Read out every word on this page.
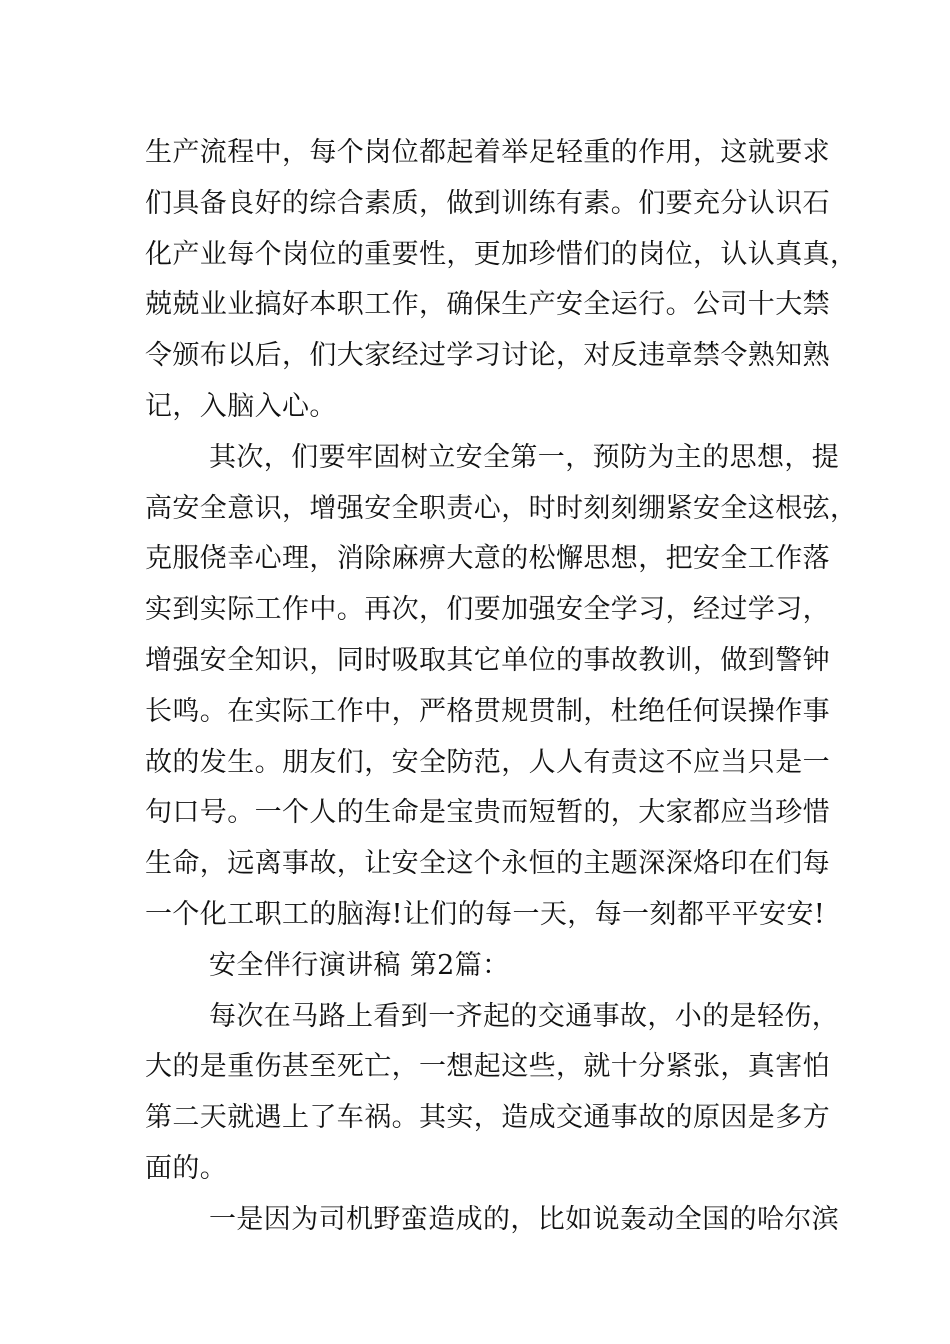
生产流程中，每个岗位都起着举足轻重的作用，这就要求
们具备良好的综合素质，做到训练有素。们要充分认识石
化产业每个岗位的重要性，更加珍惜们的岗位，认认真真，
兢兢业业搞好本职工作，确保生产安全运行。公司十大禁
令颁布以后，们大家经过学习讨论，对反违章禁令熟知熟
记，入脑入心。
其次，们要牢固树立安全第一，预防为主的思想，提
高安全意识，增强安全职责心，时时刻刻绷紧安全这根弦，
克服侥幸心理，消除麻痹大意的松懈思想，把安全工作落
实到实际工作中。再次，们要加强安全学习，经过学习，
增强安全知识，同时吸取其它单位的事故教训，做到警钟
长鸣。在实际工作中，严格贯规贯制，杜绝任何误操作事
故的发生。朋友们，安全防范，人人有责这不应当只是一
句口号。一个人的生命是宝贵而短暂的，大家都应当珍惜
生命，远离事故，让安全这个永恒的主题深深烙印在们每
一个化工职工的脑海!让们的每一天，每一刻都平平安安!
安全伴行演讲稿 第2篇：
每次在马路上看到一齐起的交通事故，小的是轻伤，
大的是重伤甚至死亡，一想起这些，就十分紧张，真害怕
第二天就遇上了车祸。其实，造成交通事故的原因是多方
面的。
一是因为司机野蛮造成的，比如说轰动全国的哈尔滨
